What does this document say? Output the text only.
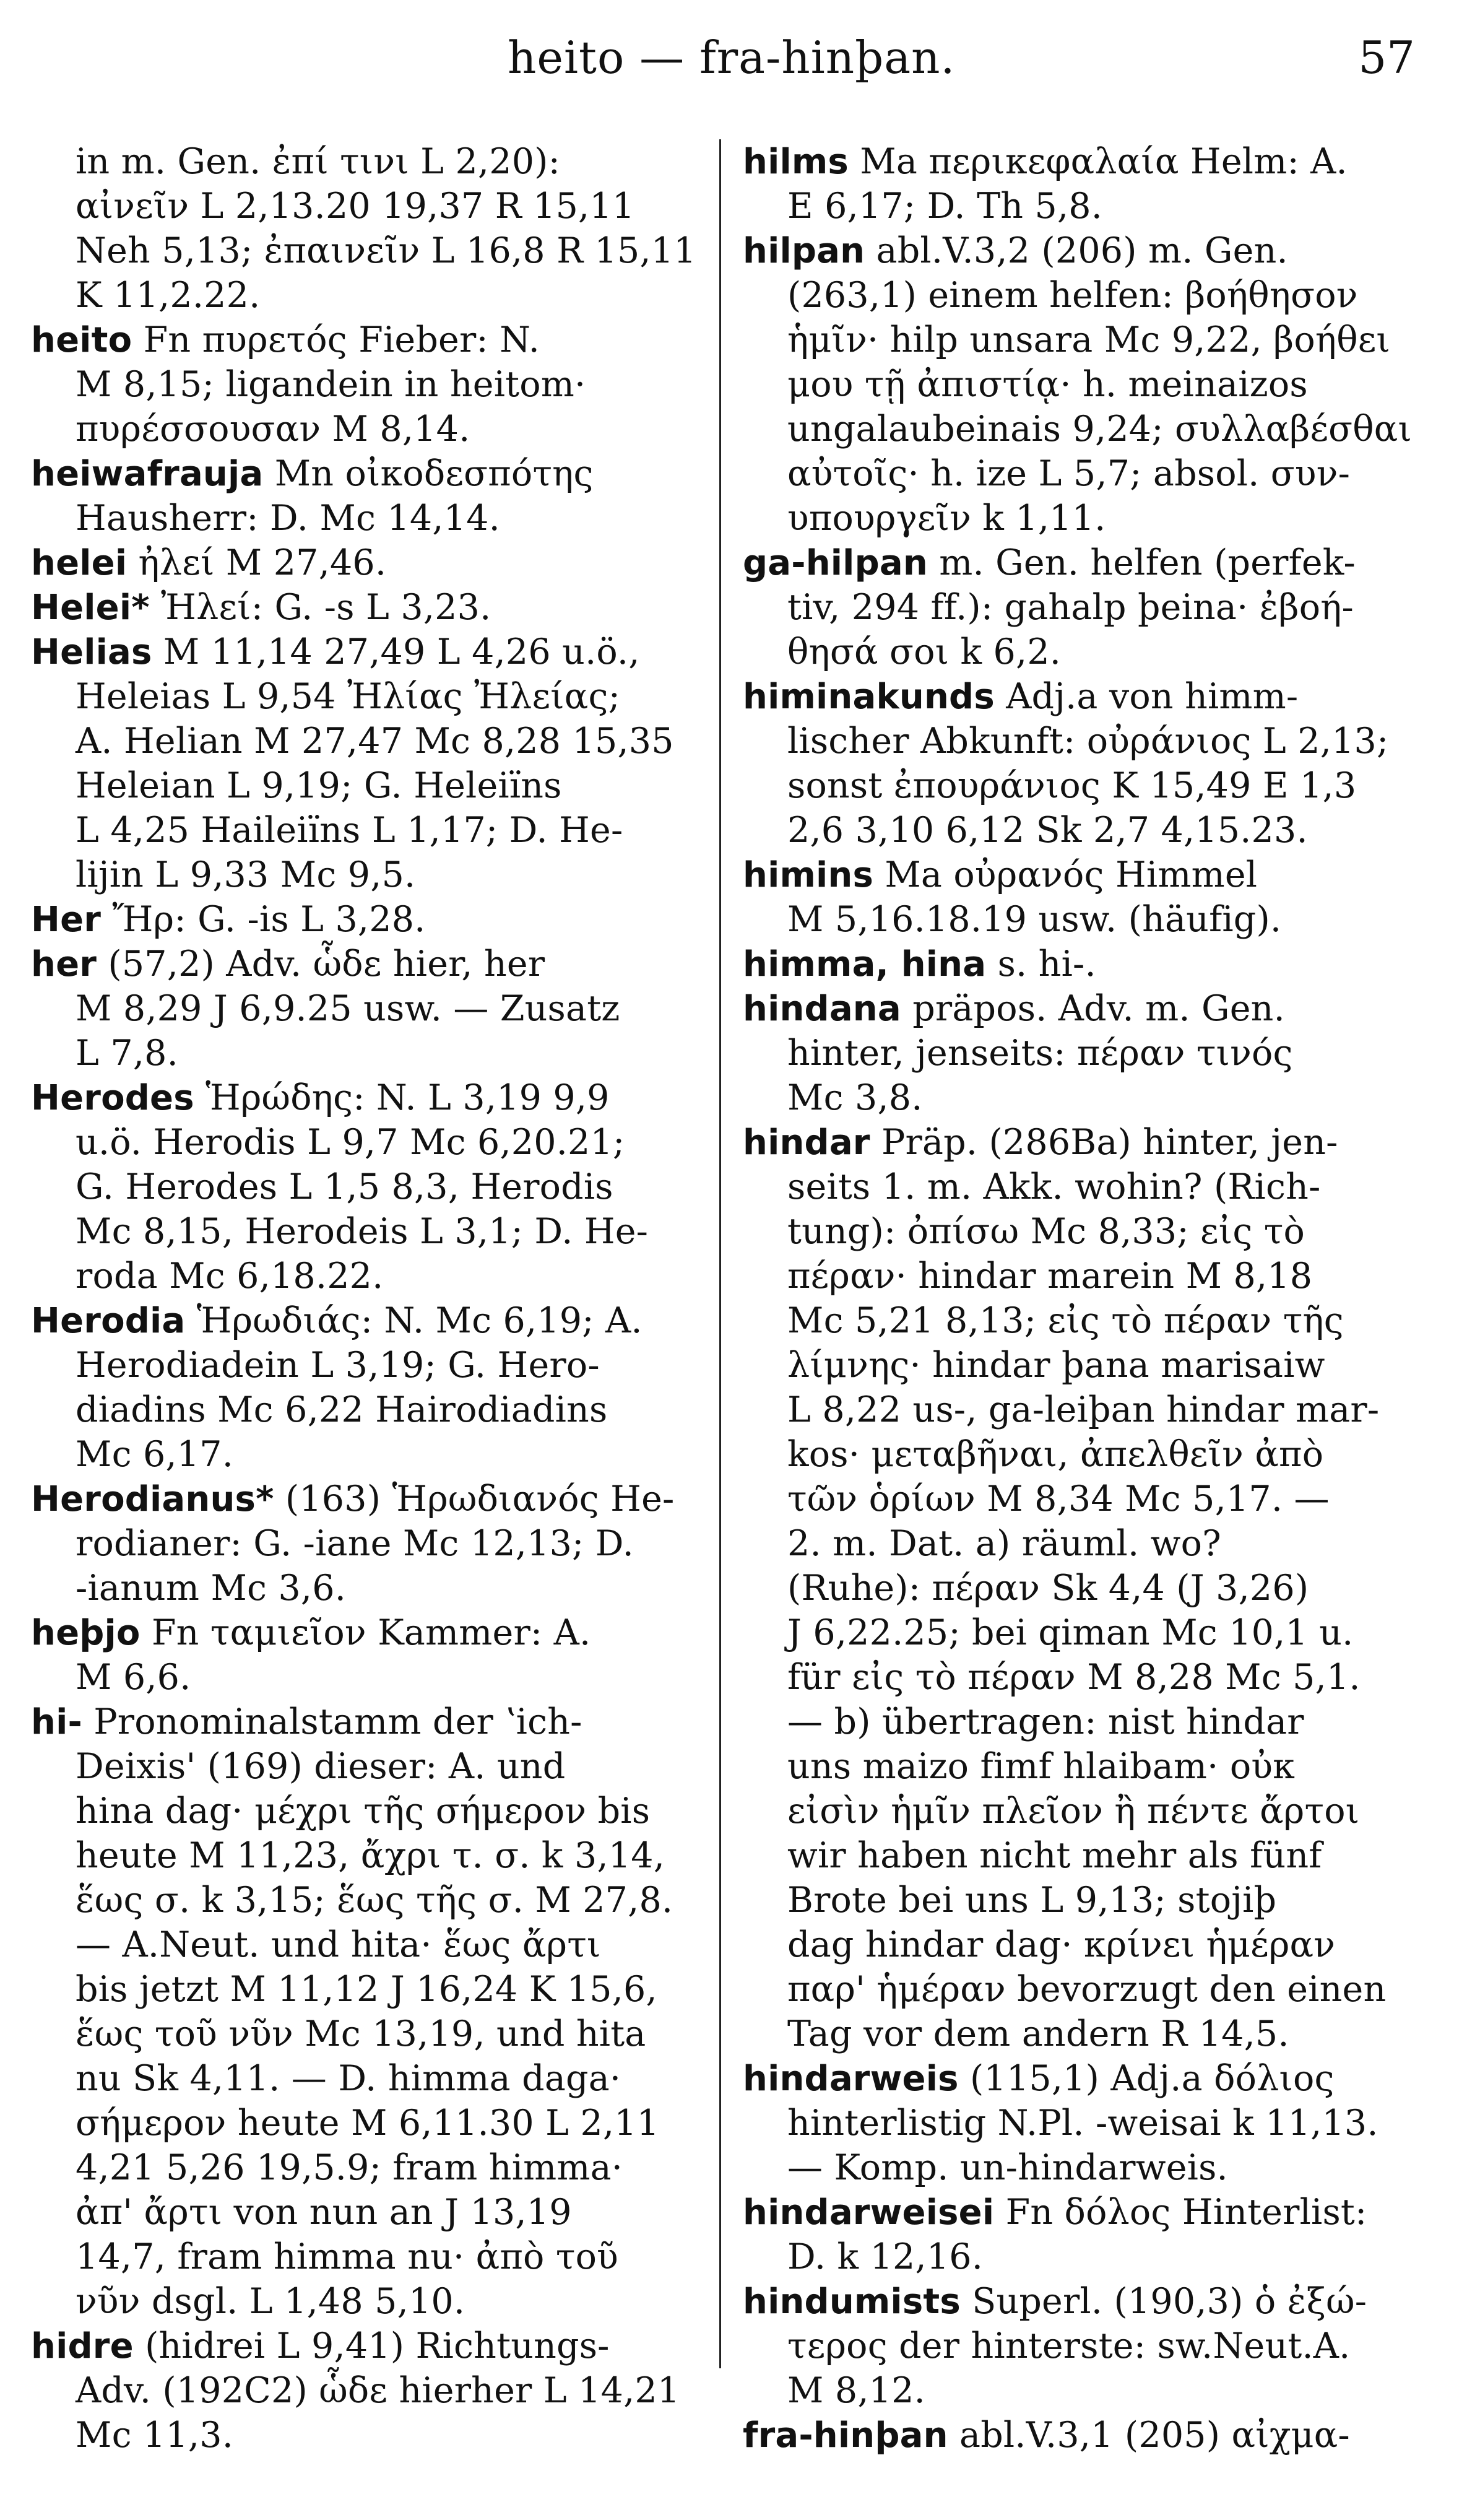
heito — fra-hinþan.	57
in m. Gen. ἐπί τινι L 2,20):
αἰνεῖν L 2,13.20 19,37 R 15,11
Neh 5,13; ἐπαινεῖν L 16,8 R 15,11
K 11,2.22.
heito Fn πυρετός Fieber: N.
M 8,15; ligandein in heitom·
πυρέσσουσαν M 8,14.
heiwafrauja Mn οἰκοδεσπότης
Hausherr: D. Mc 14,14.
helei ἠλεί M 27,46.
Helei* Ἠλεί: G. -s L 3,23.
Helias M 11,14 27,49 L 4,26 u.ö.,
Heleias L 9,54 Ἠλίας Ἠλείας;
A. Helian M 27,47 Mc 8,28 15,35
Heleian L 9,19; G. Heleiïns
L 4,25 Haileiïns L 1,17; D. He-
lijin L 9,33 Mc 9,5.
Her Ἤρ: G. -is L 3,28.
her (57,2) Adv. ὧδε hier, her
M 8,29 J 6,9.25 usw. — Zusatz
L 7,8.
Herodes Ἡρώδης: N. L 3,19 9,9
u.ö. Herodis L 9,7 Mc 6,20.21;
G. Herodes L 1,5 8,3, Herodis
Mc 8,15, Herodeis L 3,1; D. He-
roda Mc 6,18.22.
Herodia Ἡρωδιάς: N. Mc 6,19; A.
Herodiadein L 3,19; G. Hero-
diadins Mc 6,22 Hairodiadins
Mc 6,17.
Herodianus* (163) Ἡρωδιανός He-
rodianer: G. -iane Mc 12,13; D.
-ianum Mc 3,6.
heþjo Fn ταμιεῖον Kammer: A.
M 6,6.
hi- Pronominalstamm der ʽich-
Deixis' (169) dieser: A. und
hina dag· μέχρι τῆς σήμερον bis
heute M 11,23, ἄχρι τ. σ. k 3,14,
ἕως σ. k 3,15; ἕως τῆς σ. M 27,8.
— A.Neut. und hita· ἕως ἄρτι
bis jetzt M 11,12 J 16,24 K 15,6,
ἕως τοῦ νῦν Mc 13,19, und hita
nu Sk 4,11. — D. himma daga·
σήμερον heute M 6,11.30 L 2,11
4,21 5,26 19,5.9; fram himma·
ἀπ' ἄρτι von nun an J 13,19
14,7, fram himma nu· ἀπὸ τοῦ
νῦν dsgl. L 1,48 5,10.
hidre (hidrei L 9,41) Richtungs-
Adv. (192C2) ὧδε hierher L 14,21
Mc 11,3.
hilms Ma περικεφαλαία Helm: A.
E 6,17; D. Th 5,8.
hilpan abl.V.3,2 (206) m. Gen.
(263,1) einem helfen: βοήθησον
ἡμῖν· hilp unsara Mc 9,22, βοήθει
μου τῇ ἀπιστίᾳ· h. meinaizos
ungalaubeinais 9,24; συλλαβέσθαι
αὐτοῖς· h. ize L 5,7; absol. συν-
υπουργεῖν k 1,11.
ga-hilpan m. Gen. helfen (perfek-
tiv, 294 ff.): gahalp þeina· ἐβοή-
θησά σοι k 6,2.
himinakunds Adj.a von himm-
lischer Abkunft: οὐράνιος L 2,13;
sonst ἐπουράνιος K 15,49 E 1,3
2,6 3,10 6,12 Sk 2,7 4,15.23.
himins Ma οὐρανός Himmel
M 5,16.18.19 usw. (häufig).
himma, hina s. hi-.
hindana präpos. Adv. m. Gen.
hinter, jenseits: πέραν τινός
Mc 3,8.
hindar Präp. (286Ba) hinter, jen-
seits 1. m. Akk. wohin? (Rich-
tung): ὀπίσω Mc 8,33; εἰς τὸ
πέραν· hindar marein M 8,18
Mc 5,21 8,13; εἰς τὸ πέραν τῆς
λίμνης· hindar þana marisaiw
L 8,22 us-, ga-leiþan hindar mar-
kos· μεταβῆναι, ἀπελθεῖν ἀπὸ
τῶν ὁρίων M 8,34 Mc 5,17. —
2. m. Dat. a) räuml. wo?
(Ruhe): πέραν Sk 4,4 (J 3,26)
J 6,22.25; bei qiman Mc 10,1 u.
für εἰς τὸ πέραν M 8,28 Mc 5,1.
— b) übertragen: nist hindar
uns maizo fimf hlaibam· οὐκ
εἰσὶν ἡμῖν πλεῖον ἢ πέντε ἄρτοι
wir haben nicht mehr als fünf
Brote bei uns L 9,13; stojiþ
dag hindar dag· κρίνει ἡμέραν
παρ' ἡμέραν bevorzugt den einen
Tag vor dem andern R 14,5.
hindarweis (115,1) Adj.a δόλιος
hinterlistig N.Pl. -weisai k 11,13.
— Komp. un-hindarweis.
hindarweisei Fn δόλος Hinterlist:
D. k 12,16.
hindumists Superl. (190,3) ὁ ἐξώ-
τερος der hinterste: sw.Neut.A.
M 8,12.
fra-hinþan abl.V.3,1 (205) αἰχμα-
